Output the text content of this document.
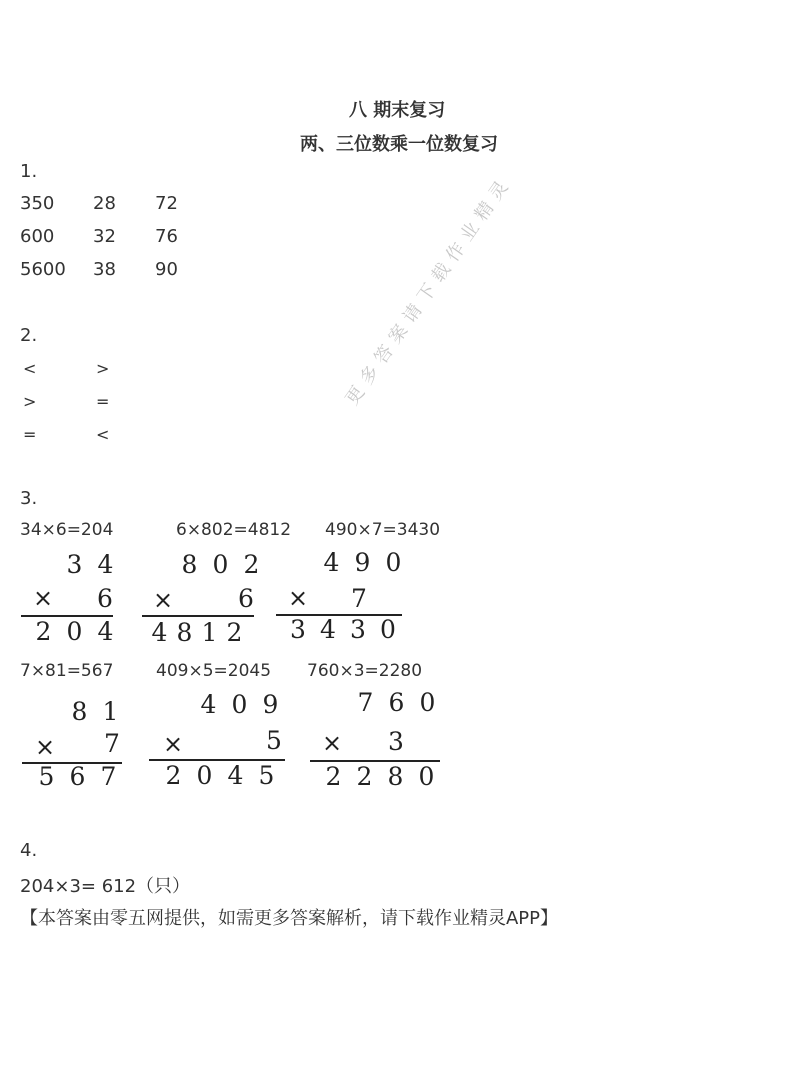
八 期末复习
两、三位数乘一位数复习
更多答案请下载作业精灵
1.
350 28 72
600 32 76
5600 38 90
2.
<	>
>	=
=	<
3.
34×6=204	6×802=4812 490×7=3430
3 4
× 6
2 0 4
8 0 2
×	6
4 8 1 2
4 9 0
× 7
3 4 3 0
7×81=567	409×5=2045 760×3=2280
8 1
× 7
5 6 7
4 0 9
×	5
2 0 4 5
7 6 0
× 3
2 2 8 0
4.
204×3= 612（只）
【本答案由零五网提供，如需更多答案解析，请下载作业精灵APP】
